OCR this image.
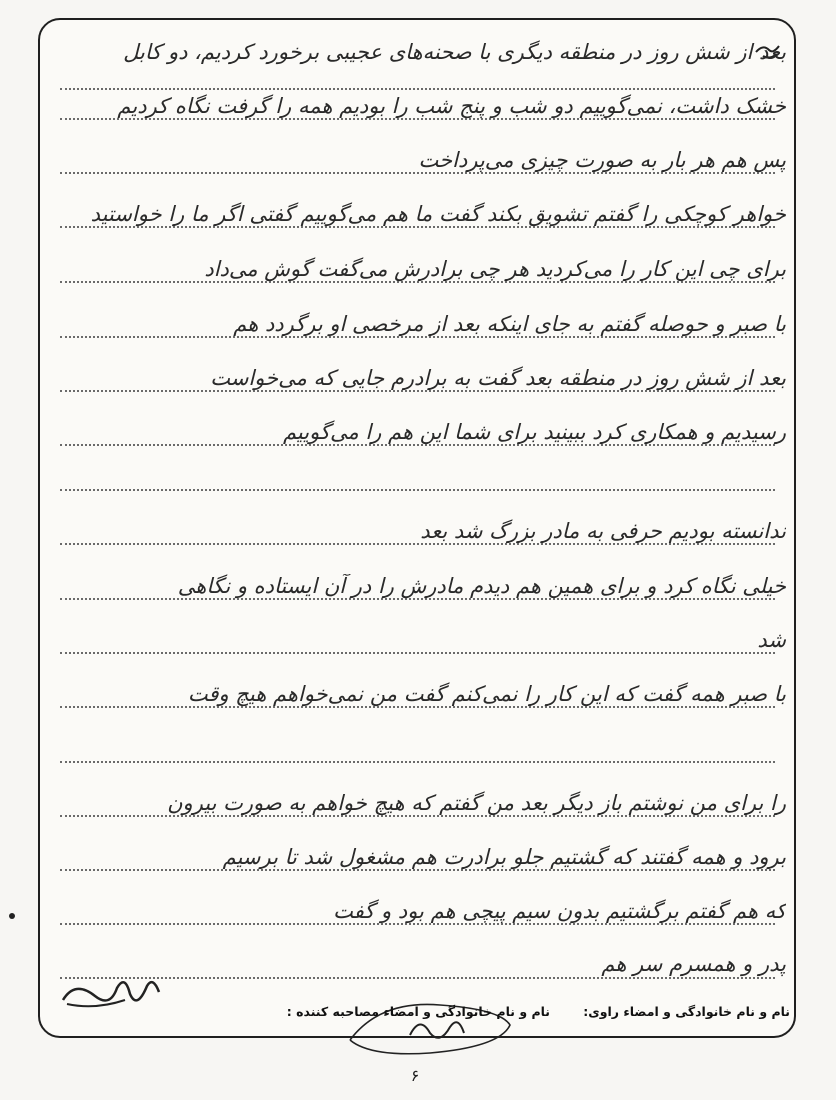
بعد از شش روز در منطقه دیگری با صحنه‌های عجیبی برخورد کردیم، دو کابل
خشک داشت، نمی‌گوییم دو شب و پنج شب را بودیم همه را گرفت نگاه کردیم
پس هم هر بار به صورت چیزی می‌پرداخت
خواهر کوچکی را گفتم تشویق بکند گفت ما هم می‌گوییم گفتی اگر ما را خواستید
برای چی این کار را می‌کردید هر چی برادرش می‌گفت گوش می‌داد
با صبر و حوصله گفتم به جای اینکه بعد از مرخصی او برگردد هم
بعد از شش روز در منطقه بعد گفت به برادرم جایی که می‌خواست
رسیدیم و همکاری کرد ببینید برای شما این هم را می‌گوییم
ندانسته بودیم حرفی به مادر بزرگ شد بعد
خیلی نگاه کرد و برای همین هم دیدم مادرش را در آن ایستاده و نگاهی
شد
با صبر همه گفت که این کار را نمی‌کنم گفت من نمی‌خواهم هیچ وقت
را برای من نوشتم باز دیگر بعد من گفتم که هیچ خواهم به صورت بیرون
برود و همه گفتند که گشتیم جلو برادرت هم مشغول شد تا برسیم
که هم گفتم برگشتیم بدون سیم پیچی هم بود و گفت
پدر و همسرم سر هم
نام و نام خانوادگی و امضاء راوی:
نام و نام خانوادگی و امضاء مصاحبه کننده :
۶
